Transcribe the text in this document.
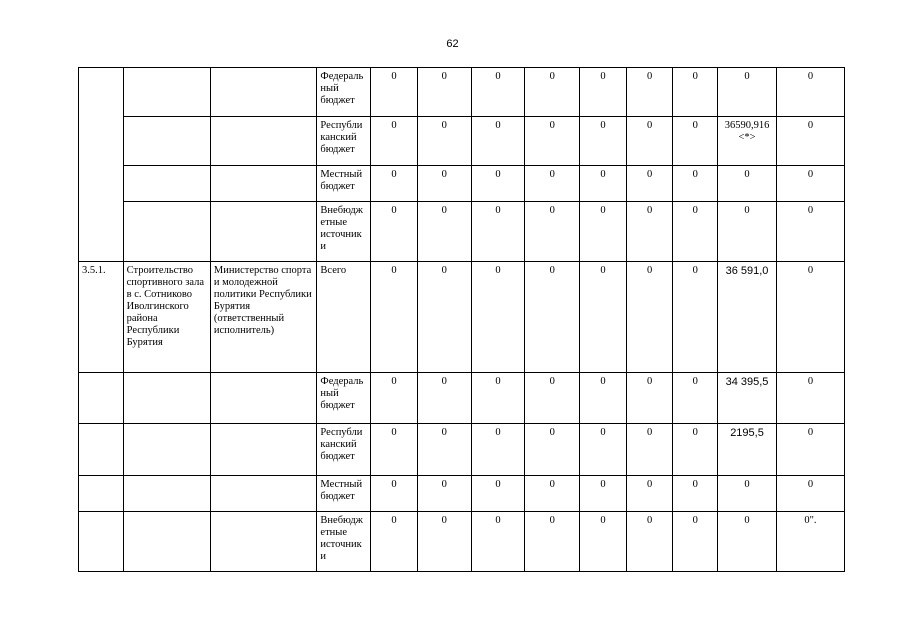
62
			Федераль ный бюджет	0	0	0	0	0	0	0	0	0
			Республи канский бюджет	0	0	0	0	0	0	0	36590,916 <*>	0
			Местный бюджет	0	0	0	0	0	0	0	0	0
			Внебюдж етные источник и	0	0	0	0	0	0	0	0	0
3.5.1.	Строительство спортивного зала в с. Сотниково Иволгинского района Республики Бурятия	Министерство спорта и молодежной политики Республики Бурятия (ответственный исполнитель)	Всего	0	0	0	0	0	0	0	36 591,0	0
			Федераль ный бюджет	0	0	0	0	0	0	0	34 395,5	0
			Республи канский бюджет	0	0	0	0	0	0	0	2195,5	0
			Местный бюджет	0	0	0	0	0	0	0	0	0
			Внебюдж етные источник и	0	0	0	0	0	0	0	0	0".
